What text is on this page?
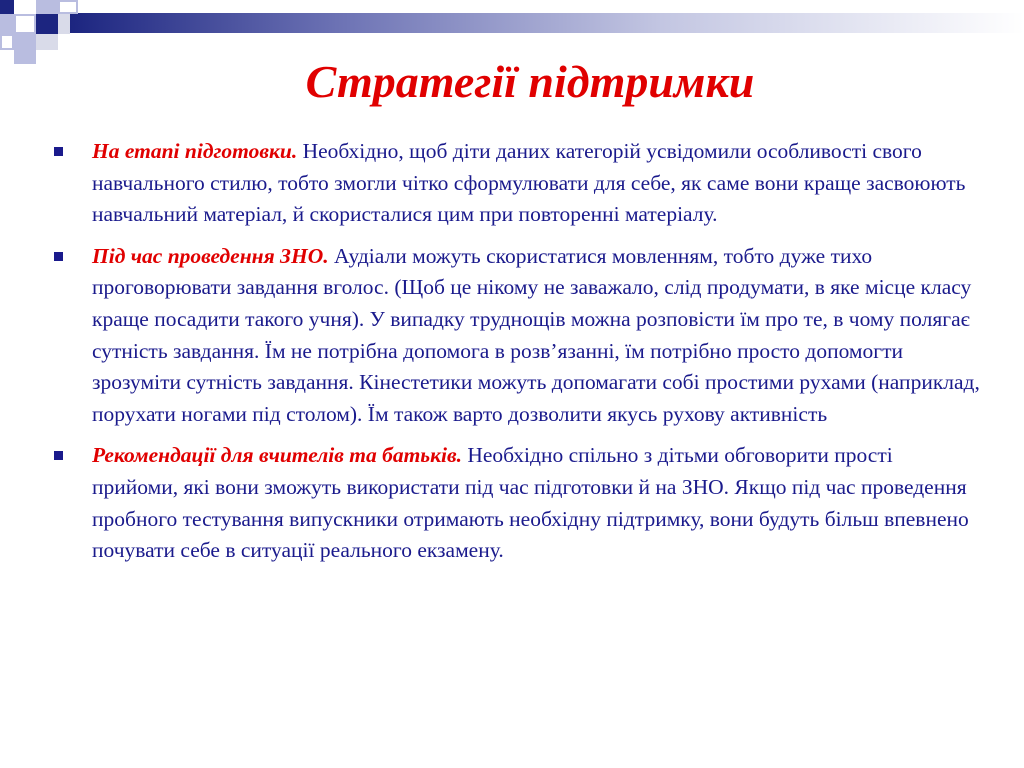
Стратегії підтримки
На етапі підготовки. Необхідно, щоб діти даних категорій усвідомили особливості свого навчального стилю, тобто змогли чітко сформулювати для себе, як саме вони краще засвоюють навчальний матеріал, й скористалися цим при повторенні матеріалу.
Під час проведення ЗНО. Аудіали можуть скористатися мовленням, тобто дуже тихо проговорювати завдання вголос. (Щоб це нікому не заважало, слід продумати, в яке місце класу краще посадити такого учня). У випадку труднощів можна розповісти їм про те, в чому полягає сутність завдання. Їм не потрібна допомога в розв’язанні, їм потрібно просто допомогти зрозуміти сутність завдання. Кінестетики можуть допомагати собі простими рухами (наприклад, порухати ногами під столом). Їм також варто дозволити якусь рухову активність
Рекомендації для вчителів та батьків. Необхідно спільно з дітьми обговорити прості прийоми, які вони зможуть використати під час підготовки й на ЗНО. Якщо під час проведення пробного тестування випускники отримають необхідну підтримку, вони будуть більш впевнено почувати себе в ситуації реального екзамену.
